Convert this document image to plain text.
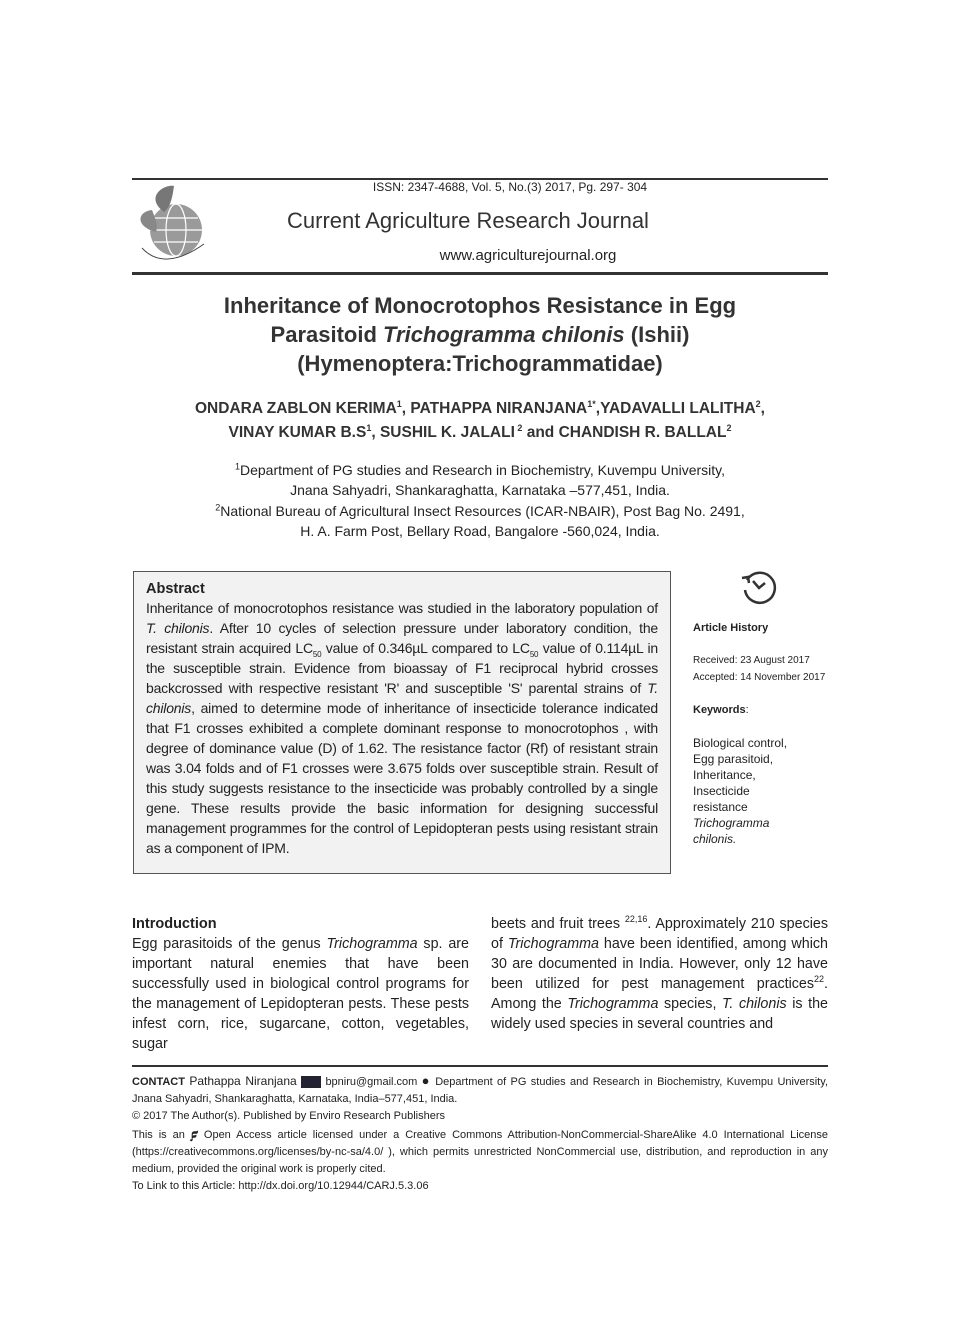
ISSN: 2347-4688, Vol. 5, No.(3) 2017, Pg. 297- 304
Current Agriculture Research Journal
www.agriculturejournal.org
Inheritance of Monocrotophos Resistance in Egg
Parasitoid Trichogramma chilonis (Ishii)
(Hymenoptera:Trichogrammatidae)
ONDARA ZABLON KERIMA$^1$, PATHAPPA $NIRANJANA^{1*},YADAVALLI$ LALITHA$^2$,
VINAY KUMAR $B.S^1$, SUSHIL K. JALALI $^2$ and CHANDISH R. BALLAL$^2$
$^1$Department of PG studies and Research in Biochemistry, Kuvempu University,
Jnana Sahyadri, Shankaraghatta, Karnataka –577,451, India.
$^2$National Bureau of Agricultural Insect Resources (ICAR-NBAIR), Post Bag No. 2491,
H. A. Farm Post, Bellary Road, Bangalore -560,024, India.
Abstract

Inheritance of monocrotophos resistance was studied in the laboratory population of T. chilonis. After 10 cycles of selection pressure under laboratory condition, the resistant strain acquired $LC_{50}$ value of 0.346µL compared to $LC_{50}$ value of 0.114µL in the susceptible strain. Evidence from bioassay of F1 reciprocal hybrid crosses backcrossed with respective resistant 'R' and susceptible 'S' parental strains of T. chilonis, aimed to determine mode of inheritance of insecticide tolerance indicated that F1 crosses exhibited a complete dominant response to monocrotophos , with degree of dominance value (D) of 1.62. The resistance factor (Rf) of resistant strain was 3.04 folds and of F1 crosses were 3.675 folds over susceptible strain. Result of this study suggests resistance to the insecticide was probably controlled by a single gene. These results provide the basic information for designing successful management programmes for the control of Lepidopteran pests using resistant strain as a component of IPM.

Article History
Received: 23 August 2017
Accepted: 14 November 2017
Keywords:
Biological control,
Egg parasitoid,
Inheritance,
Insecticide
resistance
Trichogramma
chilonis.
Introduction
Egg parasitoids of the genus Trichogramma sp. are important natural enemies that have been successfully used in biological control programs for the management of Lepidopteran pests. These pests infest corn, rice, sugarcane, cotton, vegetables, sugar
beets and fruit trees $^{22,16}$. Approximately 210 species of Trichogramma have been identified, among which 30 are documented in India. However, only 12 have been utilized for pest management practices$^{22}$. Among the Trichogramma species, T. chilonis is the widely used species in several countries and
CONTACT Pathappa Niranjana	bpniru@gmail.com ● Department of PG studies and Research in Biochemistry, Kuvempu University, Jnana Sahyadri, Shankaraghatta, Karnataka, India–577,451, India.
© 2017 The Author(s). Published by Enviro Research Publishers
This is an 𝟋 Open Access article licensed under a Creative Commons Attribution-NonCommercial-ShareAlike 4.0 International License (https://creativecommons.org/licenses/by-nc-sa/4.0/ ), which permits unrestricted NonCommercial use, distribution, and reproduction in any medium, provided the original work is properly cited.
To Link to this Article: http://dx.doi.org/10.12944/CARJ.5.3.06
